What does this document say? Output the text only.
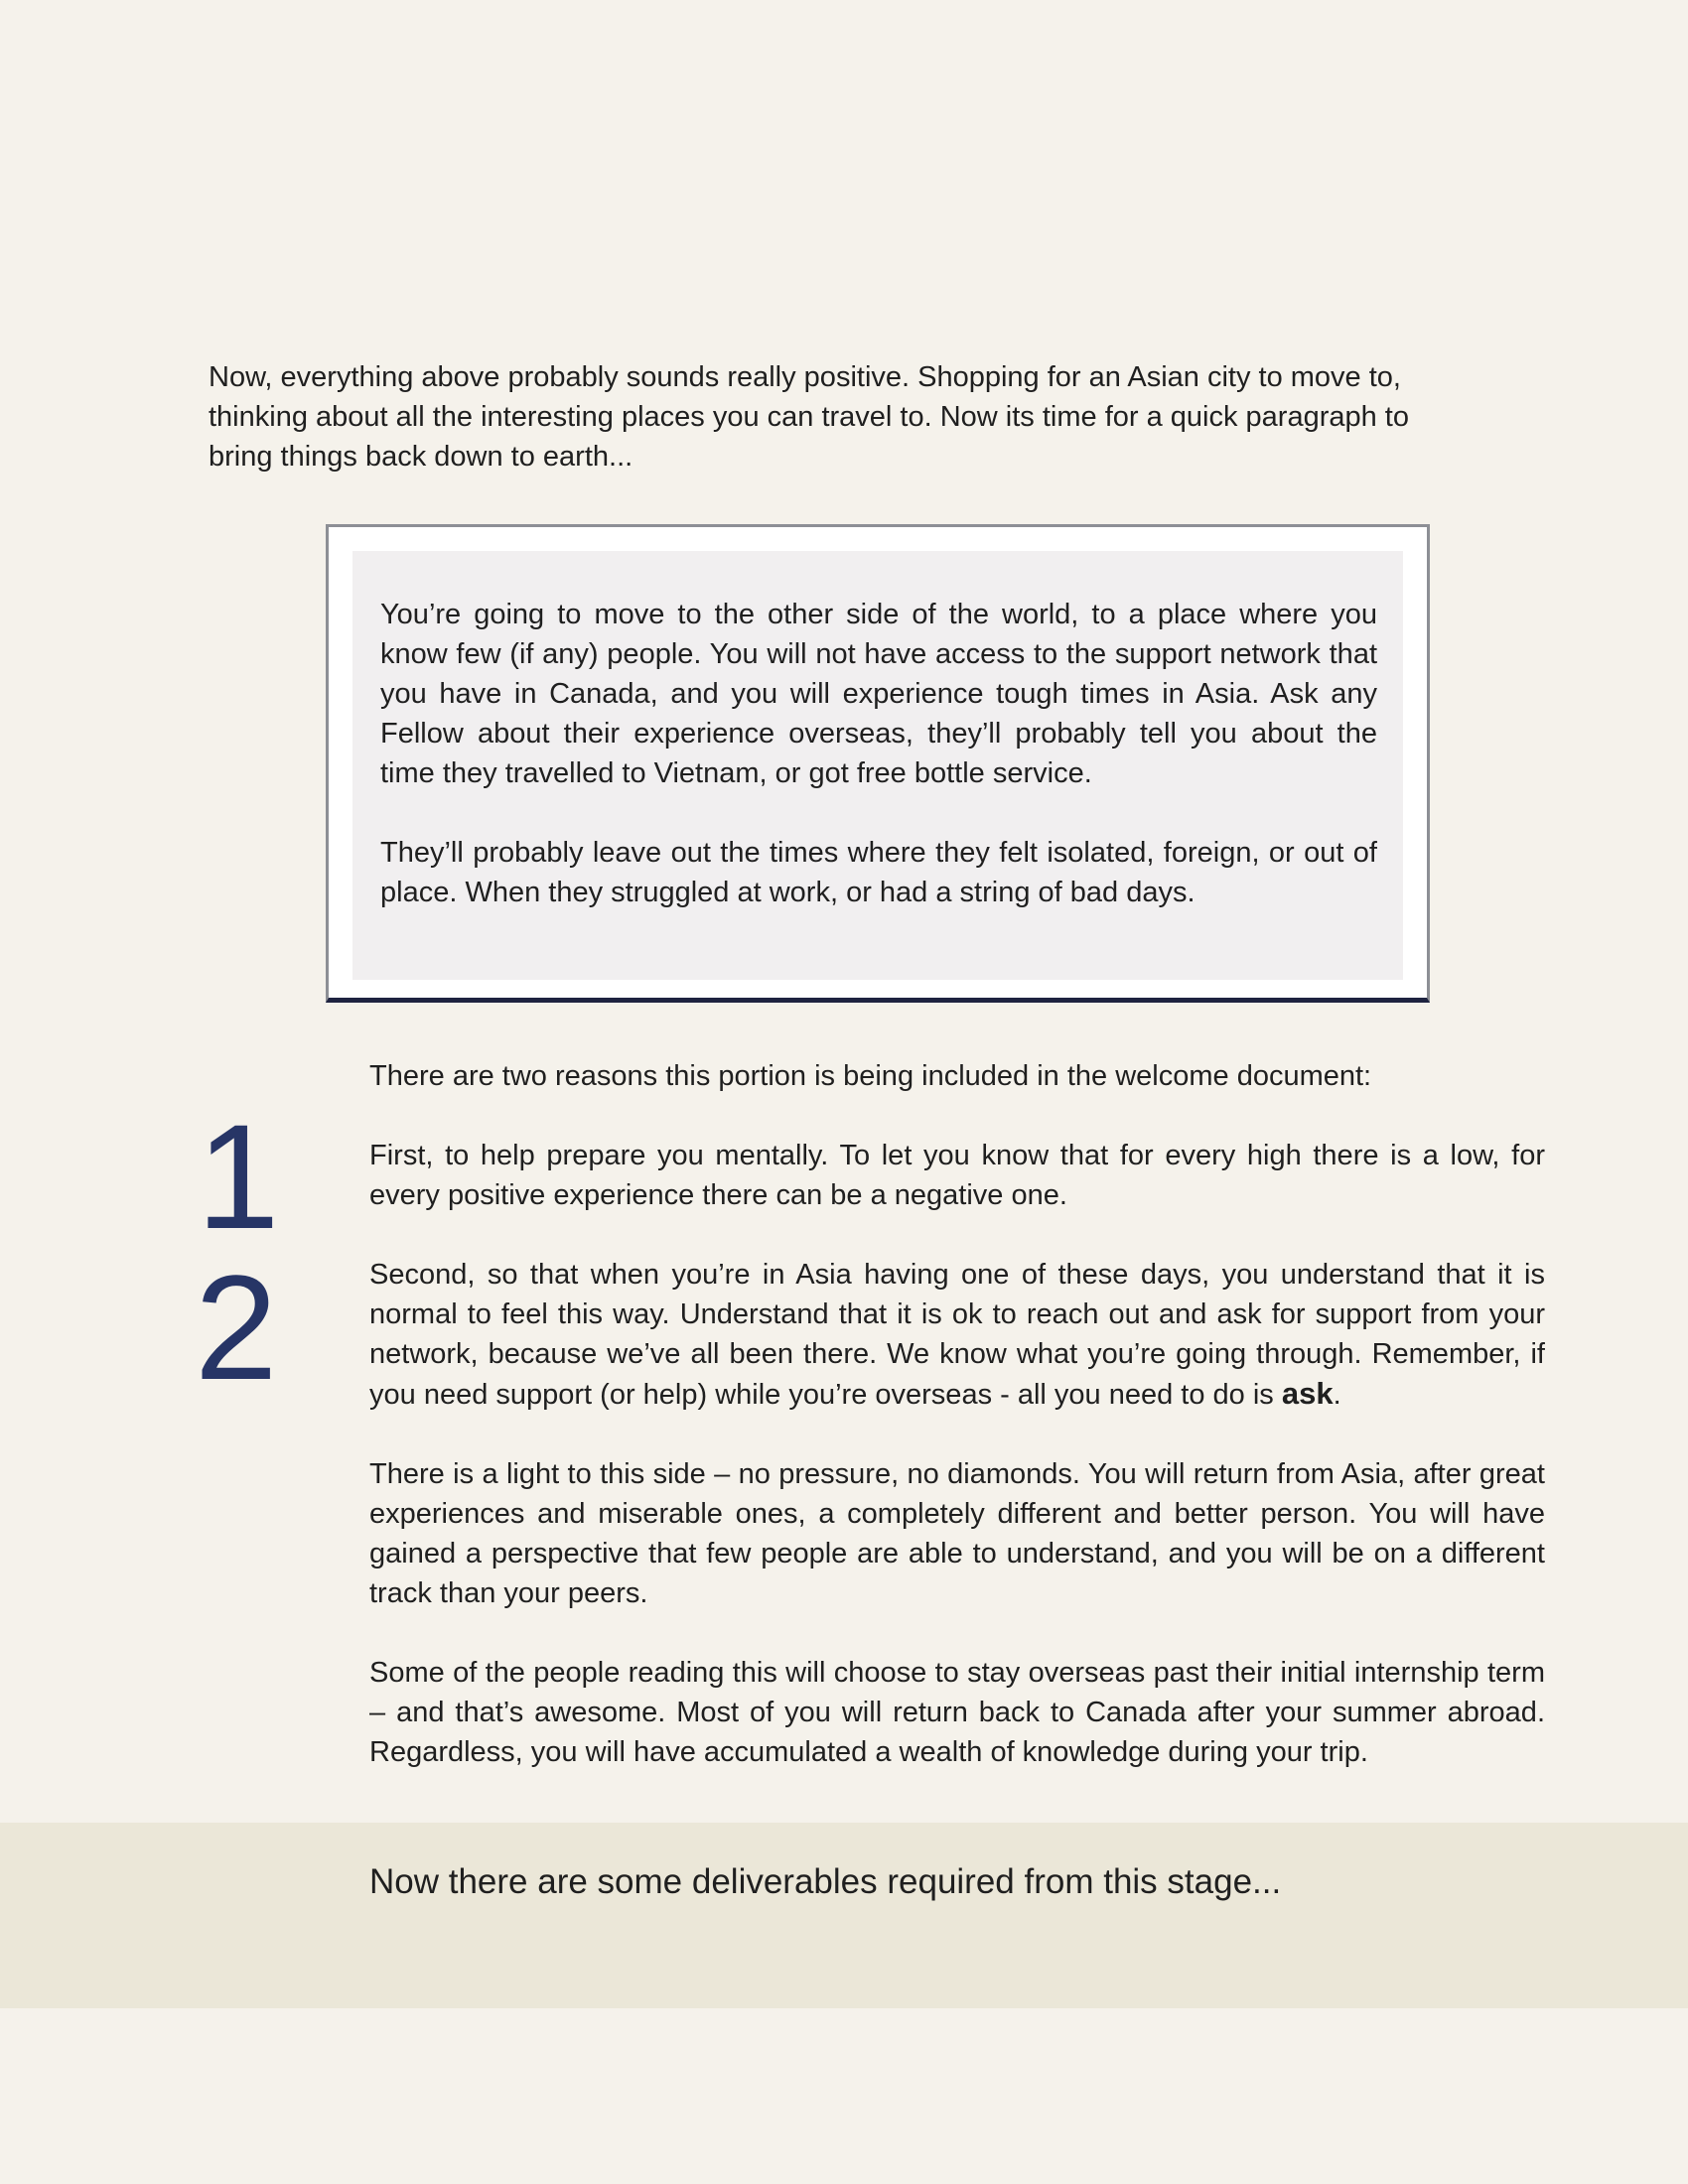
Now, everything above probably sounds really positive. Shopping for an Asian city to move to, thinking about all the interesting places you can travel to. Now its time for a quick paragraph to bring things back down to earth...

You’re going to move to the other side of the world, to a place where you know few (if any) people. You will not have access to the support network that you have in Canada, and you will experience tough times in Asia. Ask any Fellow about their experience overseas, they’ll probably tell you about the time they travelled to Vietnam, or got free bottle service.

They’ll probably leave out the times where they felt isolated, foreign, or out of place. When they struggled at work, or had a string of bad days.

1
2

There are two reasons this portion is being included in the welcome document:

First, to help prepare you mentally. To let you know that for every high there is a low, for every positive experience there can be a negative one.

Second, so that when you’re in Asia having one of these days, you understand that it is normal to feel this way. Understand that it is ok to reach out and ask for support from your network, because we’ve all been there. We know what you’re going through. Remember, if you need support (or help) while you’re overseas - all you need to do is ask.

There is a light to this side – no pressure, no diamonds. You will return from Asia, after great experiences and miserable ones, a completely different and better person. You will have gained a perspective that few people are able to understand, and you will be on a different track than your peers.

Some of the people reading this will choose to stay overseas past their initial internship term – and that’s awesome. Most of you will return back to Canada after your summer abroad. Regardless, you will have accumulated a wealth of knowledge during your trip.

Now there are some deliverables required from this stage...
